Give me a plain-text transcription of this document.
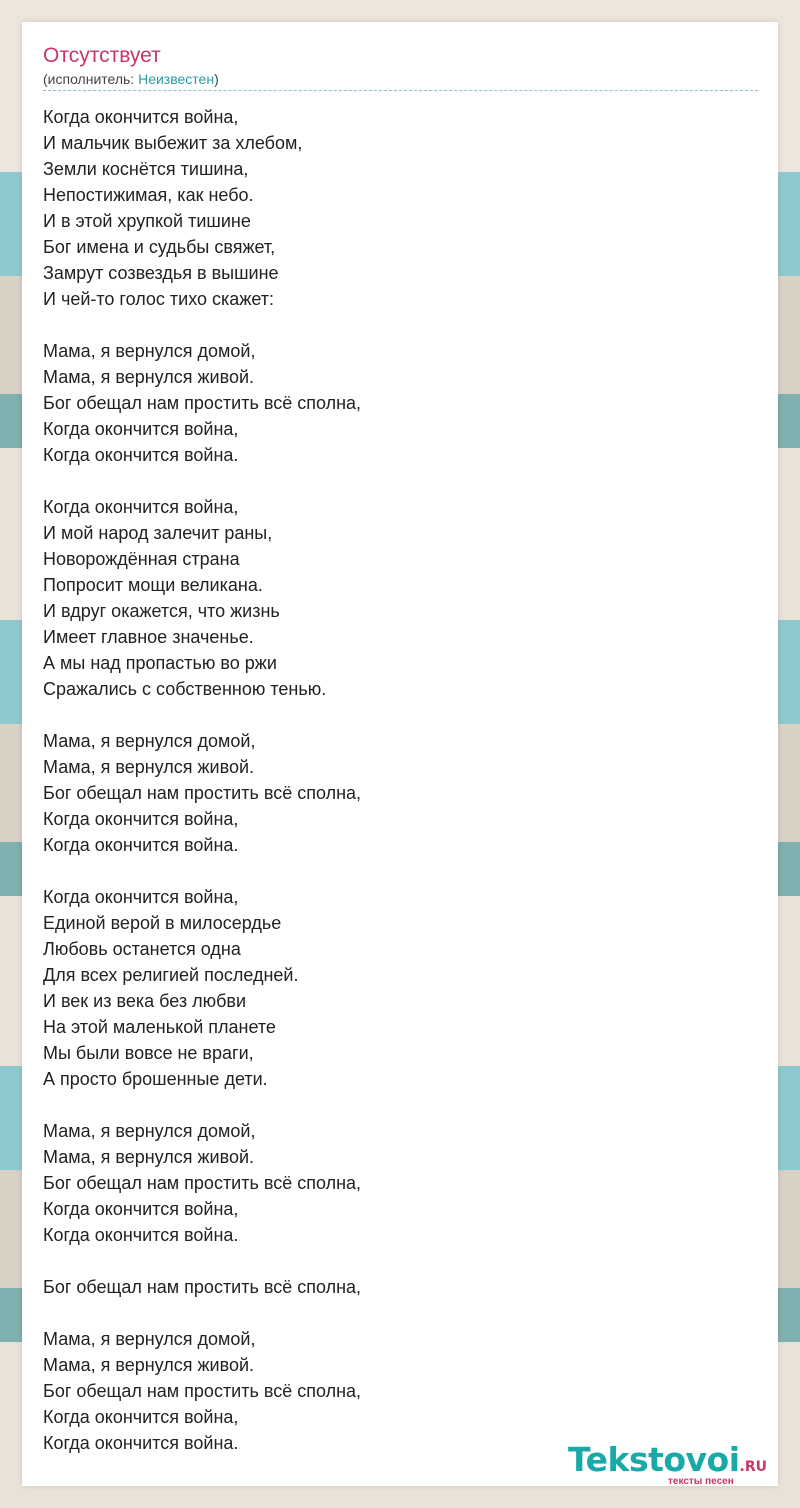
Отсутствует
(исполнитель: Неизвестен)
Когда окончится война,
И мальчик выбежит за хлебом,
Земли коснётся тишина,
Непостижимая, как небо.
И в этой хрупкой тишине
Бог имена и судьбы свяжет,
Замрут созвездья в вышине
И чей-то голос тихо скажет:
Мама, я вернулся домой,
Мама, я вернулся живой.
Бог обещал нам простить всё сполна,
Когда окончится война,
Когда окончится война.
Когда окончится война,
И мой народ залечит раны,
Новорождённая страна
Попросит мощи великана.
И вдруг окажется, что жизнь
Имеет главное значенье.
А мы над пропастью во ржи
Сражались с собственною тенью.
Мама, я вернулся домой,
Мама, я вернулся живой.
Бог обещал нам простить всё сполна,
Когда окончится война,
Когда окончится война.
Когда окончится война,
Единой верой в милосердье
Любовь останется одна
Для всех религией последней.
И век из века без любви
На этой маленькой планете
Мы были вовсе не враги,
А просто брошенные дети.
Мама, я вернулся домой,
Мама, я вернулся живой.
Бог обещал нам простить всё сполна,
Когда окончится война,
Когда окончится война.
Бог обещал нам простить всё сполна,
Мама, я вернулся домой,
Мама, я вернулся живой.
Бог обещал нам простить всё сполна,
Когда окончится война,
Когда окончится война.	Tekstovoi.RU
тексты песен
